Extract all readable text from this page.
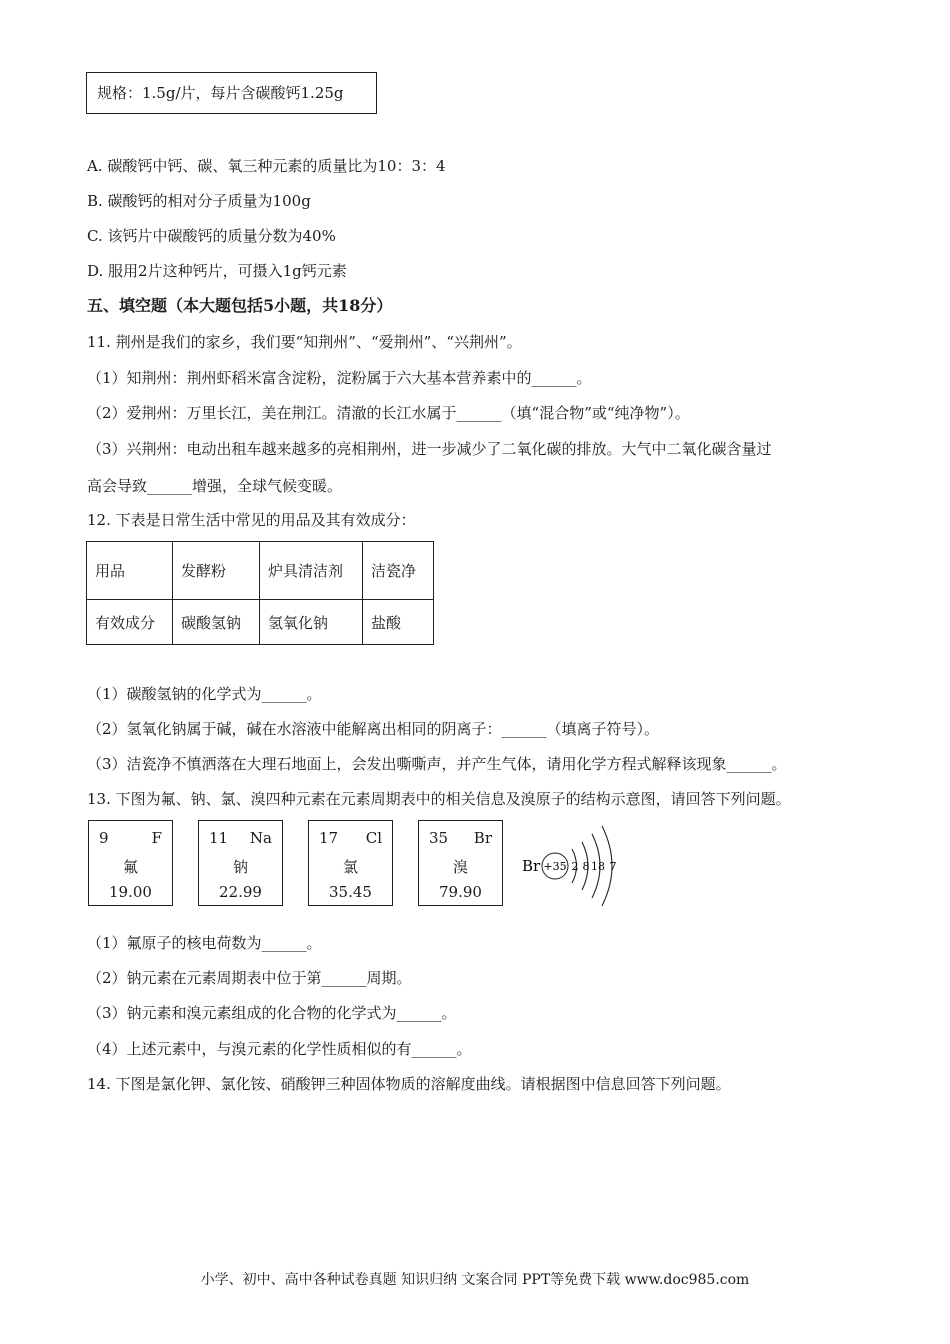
规格：1.5g/片，每片含碳酸钙1.25g
A. 碳酸钙中钙、碳、氧三种元素的质量比为10：3：4
B. 碳酸钙的相对分子质量为100g
C. 该钙片中碳酸钙的质量分数为40%
D. 服用2片这种钙片，可摄入1g钙元素
五、填空题（本大题包括5小题，共18分）
11. 荆州是我们的家乡，我们要“知荆州”、“爱荆州”、“兴荆州”。
（1）知荆州：荆州虾稻米富含淀粉，淀粉属于六大基本营养素中的______。
（2）爱荆州：万里长江，美在荆江。清澈的长江水属于______（填“混合物”或“纯净物”）。
（3）兴荆州：电动出租车越来越多的亮相荆州，进一步减少了二氧化碳的排放。大气中二氧化碳含量过
高会导致______增强，全球气候变暖。
12. 下表是日常生活中常见的用品及其有效成分：
用品	发酵粉	炉具清洁剂	洁瓷净
有效成分	碳酸氢钠	氢氧化钠	盐酸
（1）碳酸氢钠的化学式为______。
（2）氢氧化钠属于碱，碱在水溶液中能解离出相同的阴离子：______（填离子符号）。
（3）洁瓷净不慎洒落在大理石地面上，会发出嘶嘶声，并产生气体，请用化学方程式解释该现象______。
13. 下图为氟、钠、氯、溴四种元素在元素周期表中的相关信息及溴原子的结构示意图，请回答下列问题。
9	F
氟
19.00
11 Na
钠
22.99
17 Cl
氯
35.45
35 Br
溴
79.90
Br +35 2 8 18 7
（1）氟原子的核电荷数为______。
（2）钠元素在元素周期表中位于第______周期。
（3）钠元素和溴元素组成的化合物的化学式为______。
（4）上述元素中，与溴元素的化学性质相似的有______。
14. 下图是氯化钾、氯化铵、硝酸钾三种固体物质的溶解度曲线。请根据图中信息回答下列问题。
小学、初中、高中各种试卷真题 知识归纳 文案合同 PPT等免费下载 www.doc985.com
